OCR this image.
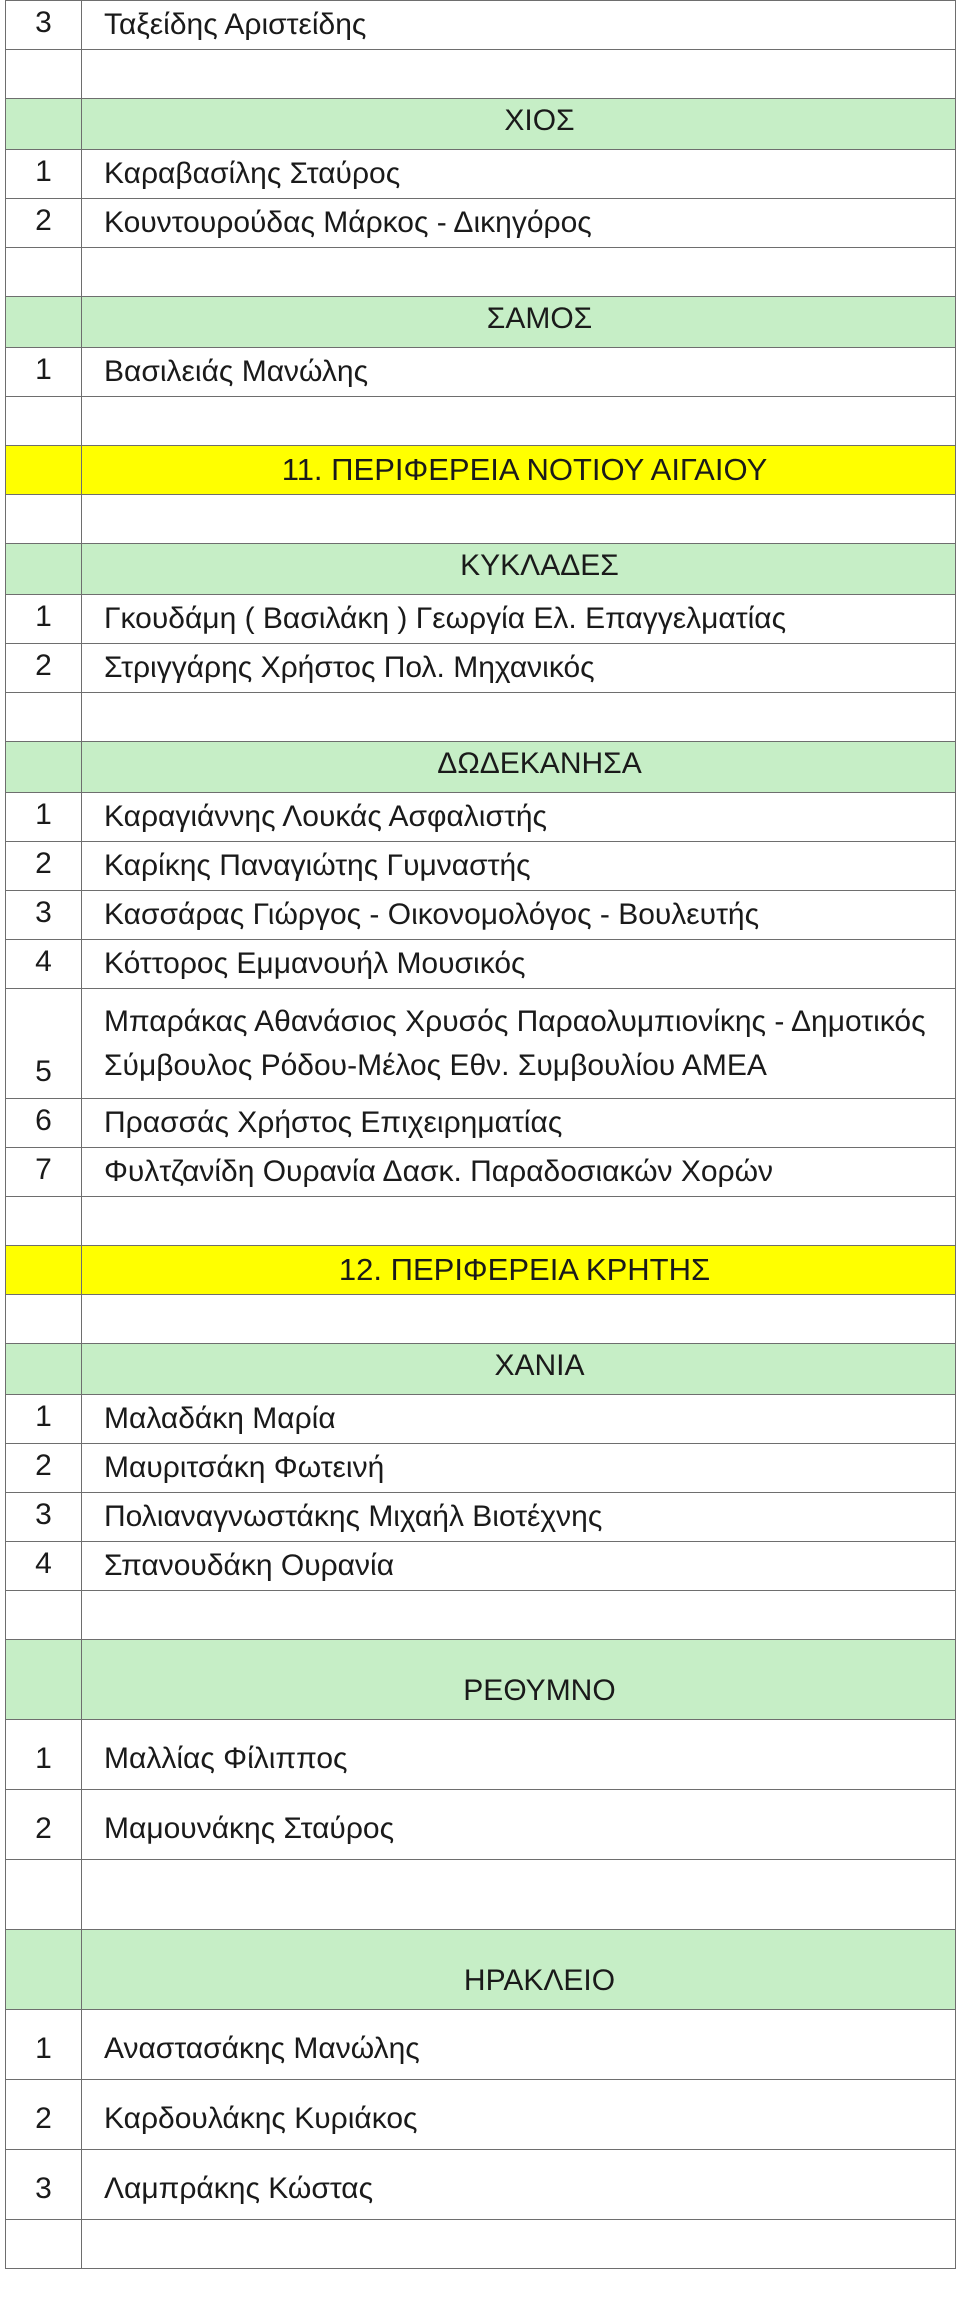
3	Ταξείδης Αριστείδης

	ΧΙΟΣ
1	Καραβασίλης Σταύρος
2	Κουντουρούδας Μάρκος - Δικηγόρος

	ΣΑΜΟΣ
1	Βασιλειάς Μανώλης

	11. ΠΕΡΙΦΕΡΕΙΑ ΝΟΤΙΟΥ ΑΙΓΑΙΟΥ

	ΚΥΚΛΑΔΕΣ
1	Γκουδάμη ( Βασιλάκη ) Γεωργία Ελ. Επαγγελματίας
2	Στριγγάρης Χρήστος Πολ. Μηχανικός

	ΔΩΔΕΚΑΝΗΣΑ
1	Καραγιάννης Λουκάς Ασφαλιστής
2	Καρίκης Παναγιώτης Γυμναστής
3	Κασσάρας Γιώργος - Οικονομολόγος - Βουλευτής
4	Κόττορος Εμμανουήλ Μουσικός
5	Μπαράκας Αθανάσιος Χρυσός Παραολυμπιονίκης - Δημοτικός Σύμβουλος Ρόδου-Μέλος Εθν. Συμβουλίου ΑΜΕΑ
6	Πρασσάς Χρήστος Επιχειρηματίας
7	Φυλτζανίδη Ουρανία Δασκ. Παραδοσιακών Χορών

	12. ΠΕΡΙΦΕΡΕΙΑ ΚΡΗΤΗΣ

	ΧΑΝΙΑ
1	Μαλαδάκη Μαρία
2	Μαυριτσάκη Φωτεινή
3	Πολιαναγνωστάκης Μιχαήλ Βιοτέχνης
4	Σπανουδάκη Ουρανία

	ΡΕΘΥΜΝΟ
1	Μαλλίας Φίλιππος
2	Μαμουνάκης Σταύρος

	ΗΡΑΚΛΕΙΟ
1	Αναστασάκης Μανώλης
2	Καρδουλάκης Κυριάκος
3	Λαμπράκης Κώστας
